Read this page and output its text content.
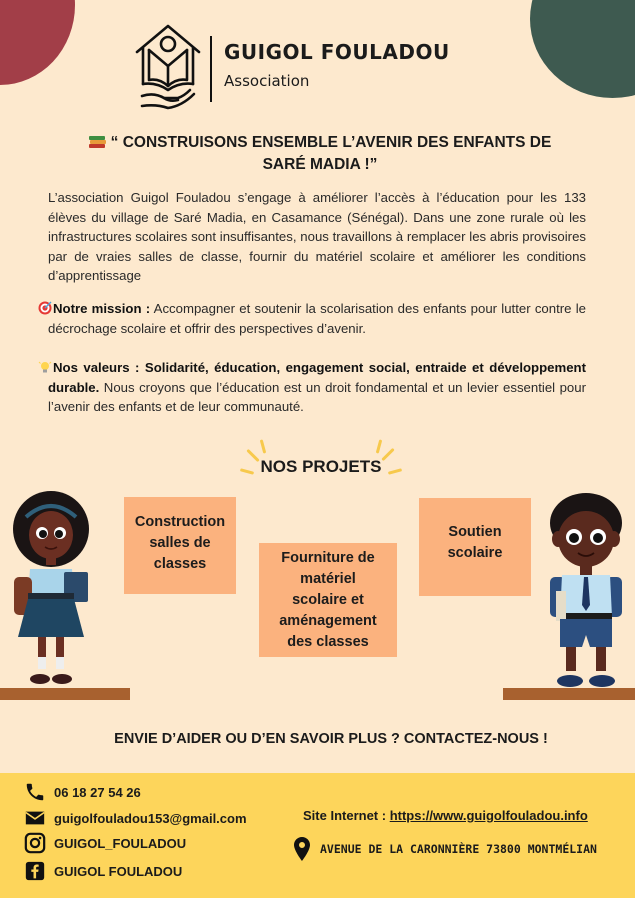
GUIGOL FOULADOU
Association
“ CONSTRUISONS ENSEMBLE L’AVENIR DES ENFANTS DE
SARÉ MADIA !”

L’association Guigol Fouladou s’engage à améliorer l’accès à l’éducation pour les 133 élèves du village de Saré Madia, en Casamance (Sénégal). Dans une zone rurale où les infrastructures scolaires sont insuffisantes, nous travaillons à remplacer les abris provisoires par de vraies salles de classe, fournir du matériel scolaire et améliorer les conditions d’apprentissage

Notre mission : Accompagner et soutenir la scolarisation des enfants pour lutter contre le décrochage scolaire et offrir des perspectives d’avenir.

Nos valeurs : Solidarité, éducation, engagement social, entraide et développement durable. Nous croyons que l’éducation est un droit fondamental et un levier essentiel pour l’avenir des enfants et de leur communauté.

NOS PROJETS
Construction
salles de
classes	Fourniture de
matériel
scolaire et
aménagement
des classes
Soutien
scolaire
ENVIE D’AIDER OU D’EN SAVOIR PLUS ? CONTACTEZ-NOUS !
06 18 27 54 26
guigolfouladou153@gmail.com
GUIGOL_FOULADOU
GUIGOL FOULADOU
Site Internet : https://www.guigolfouladou.info
AVENUE DE LA CARONNIÈRE 73800 MONTMÉLIAN
